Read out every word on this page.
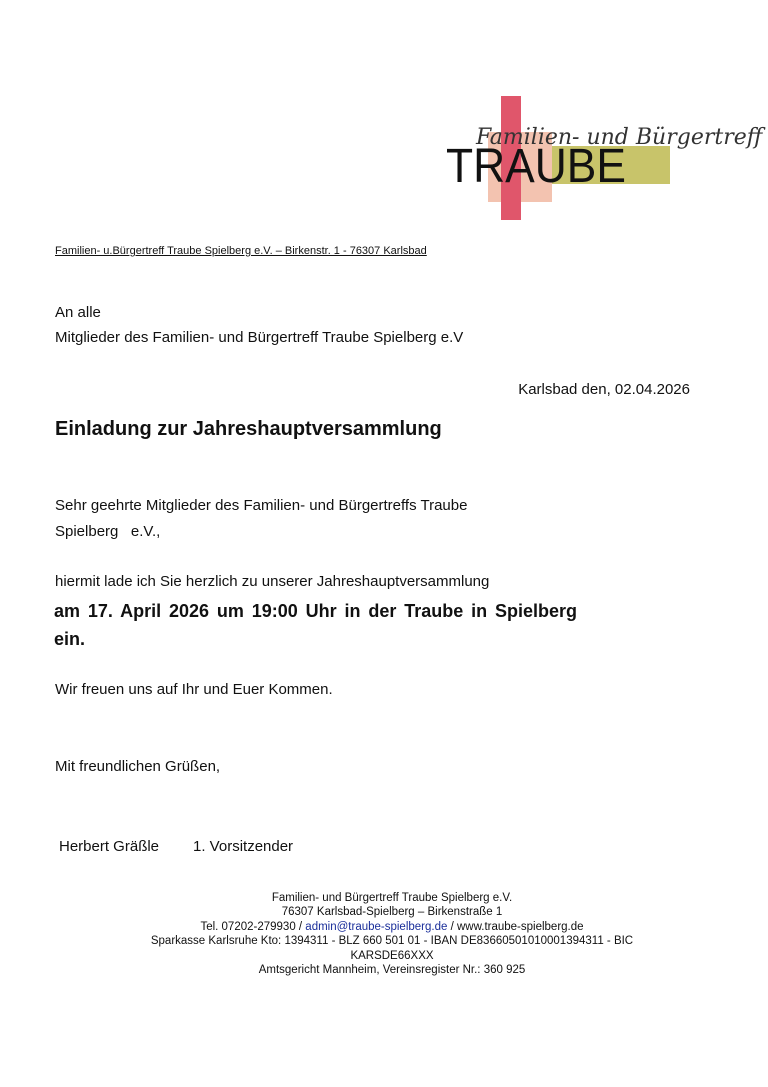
Familien- und Bürgertreff
TRAUBE
Familien- u.Bürgertreff Traube Spielberg e.V. – Birkenstr. 1 - 76307 Karlsbad
An alle
Mitglieder des Familien- und Bürgertreff Traube Spielberg e.V
Karlsbad den, 02.04.2026
Einladung zur Jahreshauptversammlung
Sehr geehrte Mitglieder des Familien- und Bürgertreffs Traube
Spielberg   e.V.,
hiermit lade ich Sie herzlich zu unserer Jahreshauptversammlung
am 17. April 2026 um 19:00 Uhr in der Traube in Spielberg
ein.
Wir freuen uns auf Ihr und Euer Kommen.
Mit freundlichen Grüßen,
Herbert Gräßle 1. Vorsitzender
Familien- und Bürgertreff Traube Spielberg e.V.
76307 Karlsbad-Spielberg – Birkenstraße 1
Tel. 07202-279930 / admin@traube-spielberg.de / www.traube-spielberg.de
Sparkasse Karlsruhe Kto: 1394311 - BLZ 660 501 01 - IBAN DE83660501010001394311 - BIC
KARSDE66XXX
Amtsgericht Mannheim, Vereinsregister Nr.: 360 925
